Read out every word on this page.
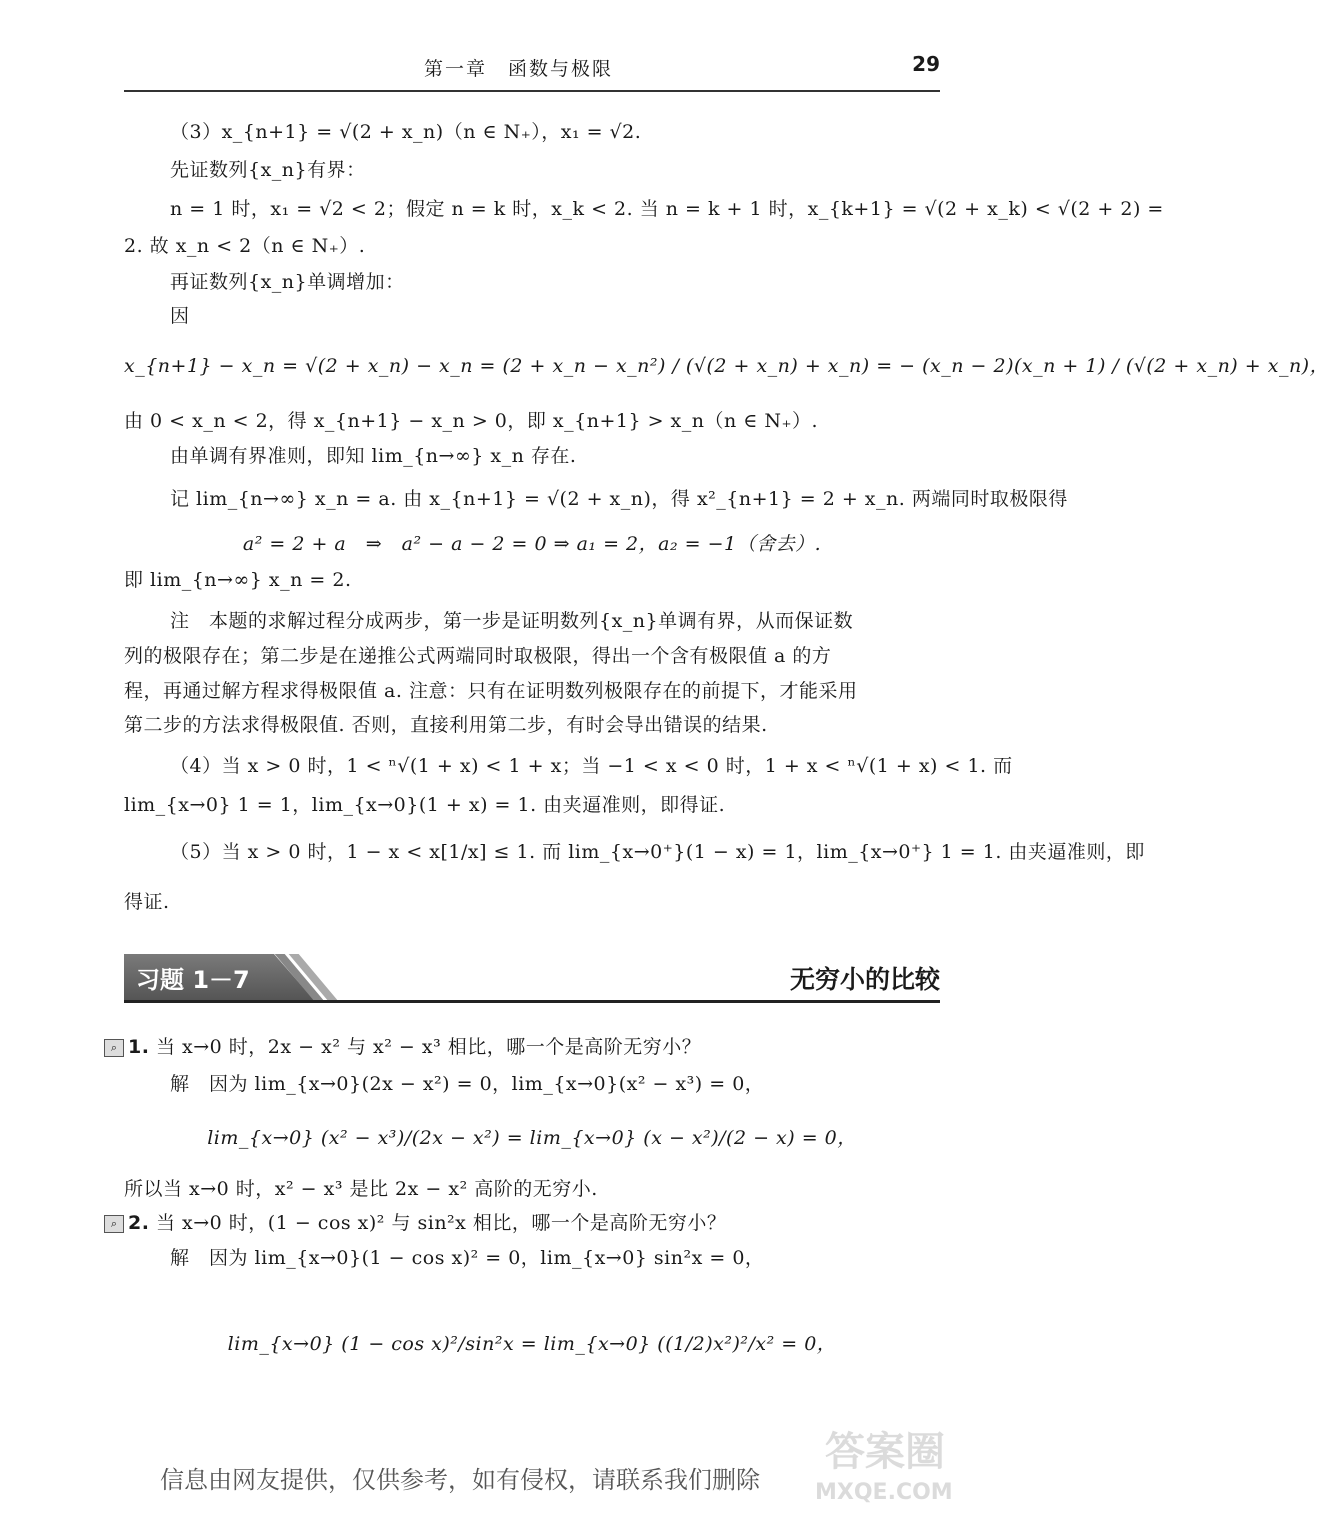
第一章　函数与极限	29
（3）x_{n+1} = √(2 + x_n)（n ∈ N₊），x₁ = √2.
先证数列{x_n}有界：
n = 1 时，x₁ = √2 < 2；假定 n = k 时，x_k < 2. 当 n = k + 1 时，x_{k+1} = √(2 + x_k) < √(2 + 2) =
2. 故 x_n < 2（n ∈ N₊）.
再证数列{x_n}单调增加：
因
x_{n+1} − x_n = √(2 + x_n) − x_n = (2 + x_n − x_n²) / (√(2 + x_n) + x_n) = − (x_n − 2)(x_n + 1) / (√(2 + x_n) + x_n)，
由 0 < x_n < 2，得 x_{n+1} − x_n > 0，即 x_{n+1} > x_n（n ∈ N₊）.
由单调有界准则，即知 lim_{n→∞} x_n 存在.
记 lim_{n→∞} x_n = a. 由 x_{n+1} = √(2 + x_n)，得 x²_{n+1} = 2 + x_n. 两端同时取极限得
a² = 2 + a　⇒　a² − a − 2 = 0 ⇒ a₁ = 2，a₂ = −1（舍去）.
即 lim_{n→∞} x_n = 2.
注　本题的求解过程分成两步，第一步是证明数列{x_n}单调有界，从而保证数
列的极限存在；第二步是在递推公式两端同时取极限，得出一个含有极限值 a 的方
程，再通过解方程求得极限值 a. 注意：只有在证明数列极限存在的前提下，才能采用
第二步的方法求得极限值. 否则，直接利用第二步，有时会导出错误的结果.
（4）当 x > 0 时，1 < ⁿ√(1 + x) < 1 + x；当 −1 < x < 0 时，1 + x < ⁿ√(1 + x) < 1. 而
lim_{x→0} 1 = 1，lim_{x→0}(1 + x) = 1. 由夹逼准则，即得证.
（5）当 x > 0 时，1 − x < x[1/x] ≤ 1. 而 lim_{x→0⁺}(1 − x) = 1，lim_{x→0⁺} 1 = 1. 由夹逼准则，即
得证.
习题 1－7	无穷小的比较
⌕ 1. 当 x→0 时，2x − x² 与 x² − x³ 相比，哪一个是高阶无穷小？
解　因为 lim_{x→0}(2x − x²) = 0，lim_{x→0}(x² − x³) = 0，
lim_{x→0} (x² − x³)/(2x − x²) = lim_{x→0} (x − x²)/(2 − x) = 0，
所以当 x→0 时，x² − x³ 是比 2x − x² 高阶的无穷小.
⌕ 2. 当 x→0 时，(1 − cos x)² 与 sin²x 相比，哪一个是高阶无穷小？
解　因为 lim_{x→0}(1 − cos x)² = 0，lim_{x→0} sin²x = 0，
lim_{x→0} (1 − cos x)²/sin²x = lim_{x→0} ((1/2)x²)²/x² = 0，
信息由网友提供，仅供参考，如有侵权，请联系我们删除
答案圈
MXQE.COM
